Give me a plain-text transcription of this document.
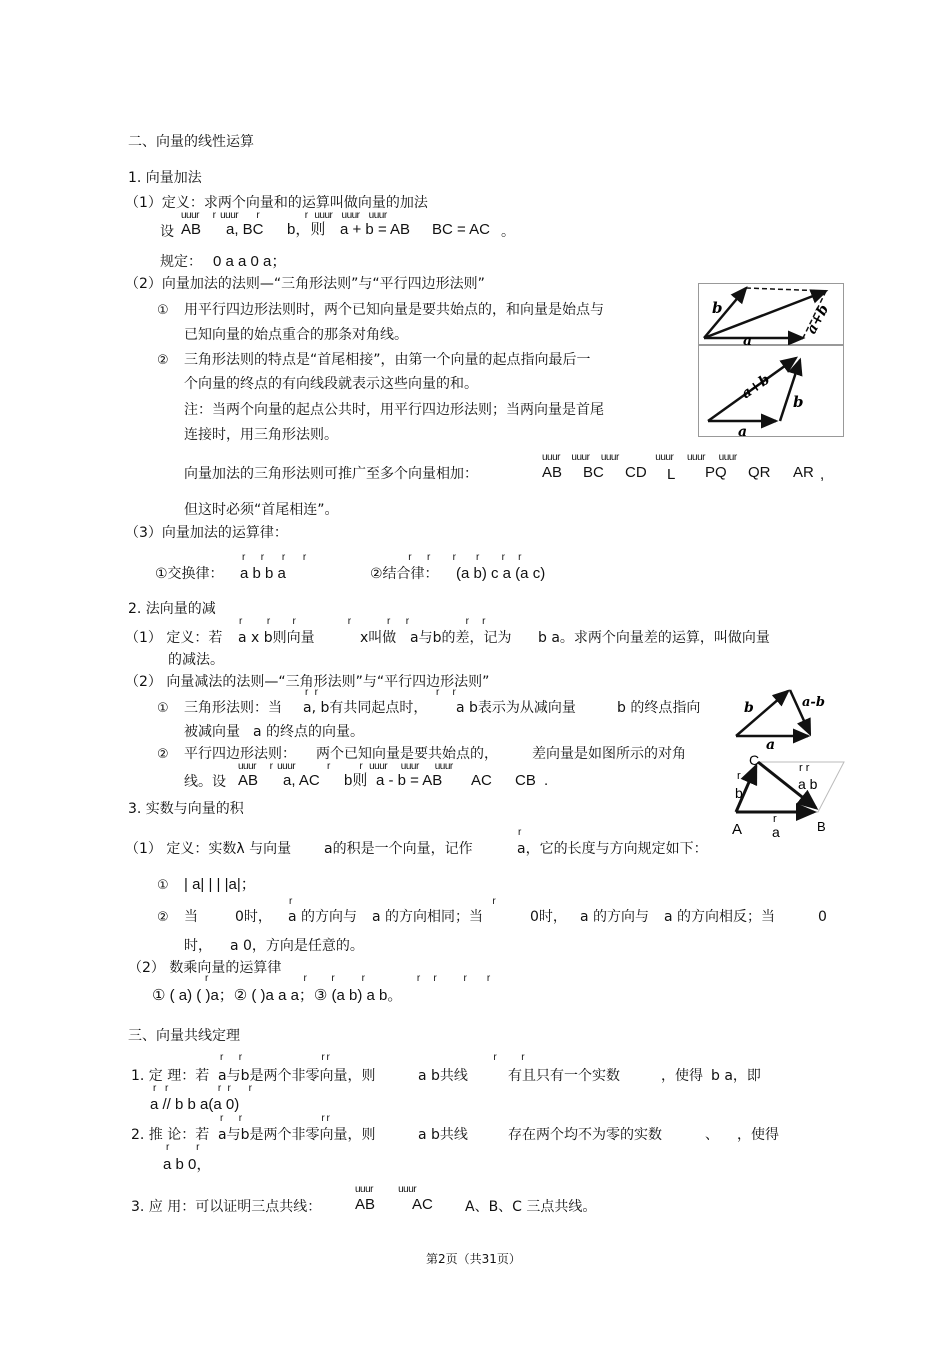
二、向量的线性运算
1. 向量加法
（1）定义：求两个向量和的运算叫做向量的加法
uuur      r  uuur        r                    r   uuur    uuur    uuur
设 AB a, BC b，则 a + b = AB BC = AC 。
规定： 0 a a 0 a；
（2）向量加法的法则—“三角形法则”与“平行四边形法则”
① 用平行四边形法则时，两个已知向量是要共始点的，和向量是始点与
已知向量的始点重合的那条对角线。
② 三角形法则的特点是“首尾相接”，由第一个向量的起点指向最后一
个向量的终点的有向线段就表示这些向量的和。
注：当两个向量的起点公共时，用平行四边形法则；当两向量是首尾
连接时，用三角形法则。
向量加法的三角形法则可推广至多个向量相加：
uuur     uuur     uuur                uuur      uuur      uuur
AB BC CD L PQ QR AR ,
但这时必须“首尾相连”。
（3）向量加法的运算律：
r       r        r        r                                             r       r          r         r          r      r
①交换律： a b b a	②结合律： (a b) c a (a c)
2. 法向量的减
r           r          r                       r                r       r                         r      r
（1） 定义：若 a x b则向量	x叫做 a与b的差，记为 b a。求两个向量差的运算，叫做向量
的减法。
（2） 向量减法的法则—“三角形法则”与“平行四边形法则”
r   r                                                    r      r
① 三角形法则：当 a, b有共同起点时， a b表示为从减向量	b 的终点指向
被减向量 a 的终点的向量。
② 平行四边形法则： 两个已知向量是要共始点的， 差向量是如图所示的对角
uuur      r  uuur              r             r   uuur      uuur       uuur
线。设 AB a, AC b则 a - b = AB AC CB .
3. 实数与向量的积
r
（1） 定义：实数λ 与向量 a的积是一个向量，记作	a，它的长度与方向规定如下：
① | a| | | |a|；
r                                                                                        r
② 当	0时， a 的方向与 a 的方向相同；当	0时， a 的方向与 a 的方向相反；当	0
时， a 0，方向是任意的。
（2） 数乘向量的运算律
r                                          r           r            r                       r      r            r         r
① ( a) ( )a；② ( )a a a；③ (a b) a b。
三、向量共线定理
r       r                                   r r                                                                        r           r
1. 定 理：若 a与b是两个非零向量，则	a b共线	有且只有一个实数	，使得 b a，即
r    r                      r   r        r
a // b b a(a 0)
r       r                                   r r
2. 推 论：若 a与b是两个非零向量，则	a b共线	存在两个均不为零的实数	、 ，使得
r            r
a b 0，
uuur           uuur
3. 应 用：可以证明三点共线： AB AC A、B、C 三点共线。
第2页（共31页）
b	a+b
a
a+b b
a
b	a-b
a
C
r
b
r r
a b
A
r
a	B
